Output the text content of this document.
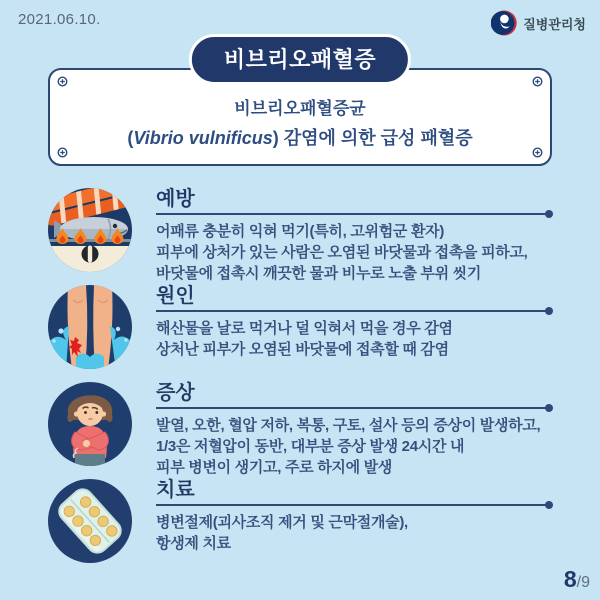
2021.06.10.	질병관리청
비브리오패혈증
비브리오패혈증균
(Vibrio vulnificus) 감염에 의한 급성 패혈증
예방
어패류 충분히 익혀 먹기(특히, 고위험군 환자)
피부에 상처가 있는 사람은 오염된 바닷물과 접촉을 피하고,
바닷물에 접촉시 깨끗한 물과 비누로 노출 부위 씻기
원인
해산물을 날로 먹거나 덜 익혀서 먹을 경우 감염
상처난 피부가 오염된 바닷물에 접촉할 때 감염
증상
발열, 오한, 혈압 저하, 복통, 구토, 설사 등의 증상이 발생하고,
1/3은 저혈압이 동반, 대부분 증상 발생 24시간 내
피부 병변이 생기고, 주로 하지에 발생
치료
병변절제(괴사조직 제거 및 근막절개술),
항생제 치료
8 / 9
